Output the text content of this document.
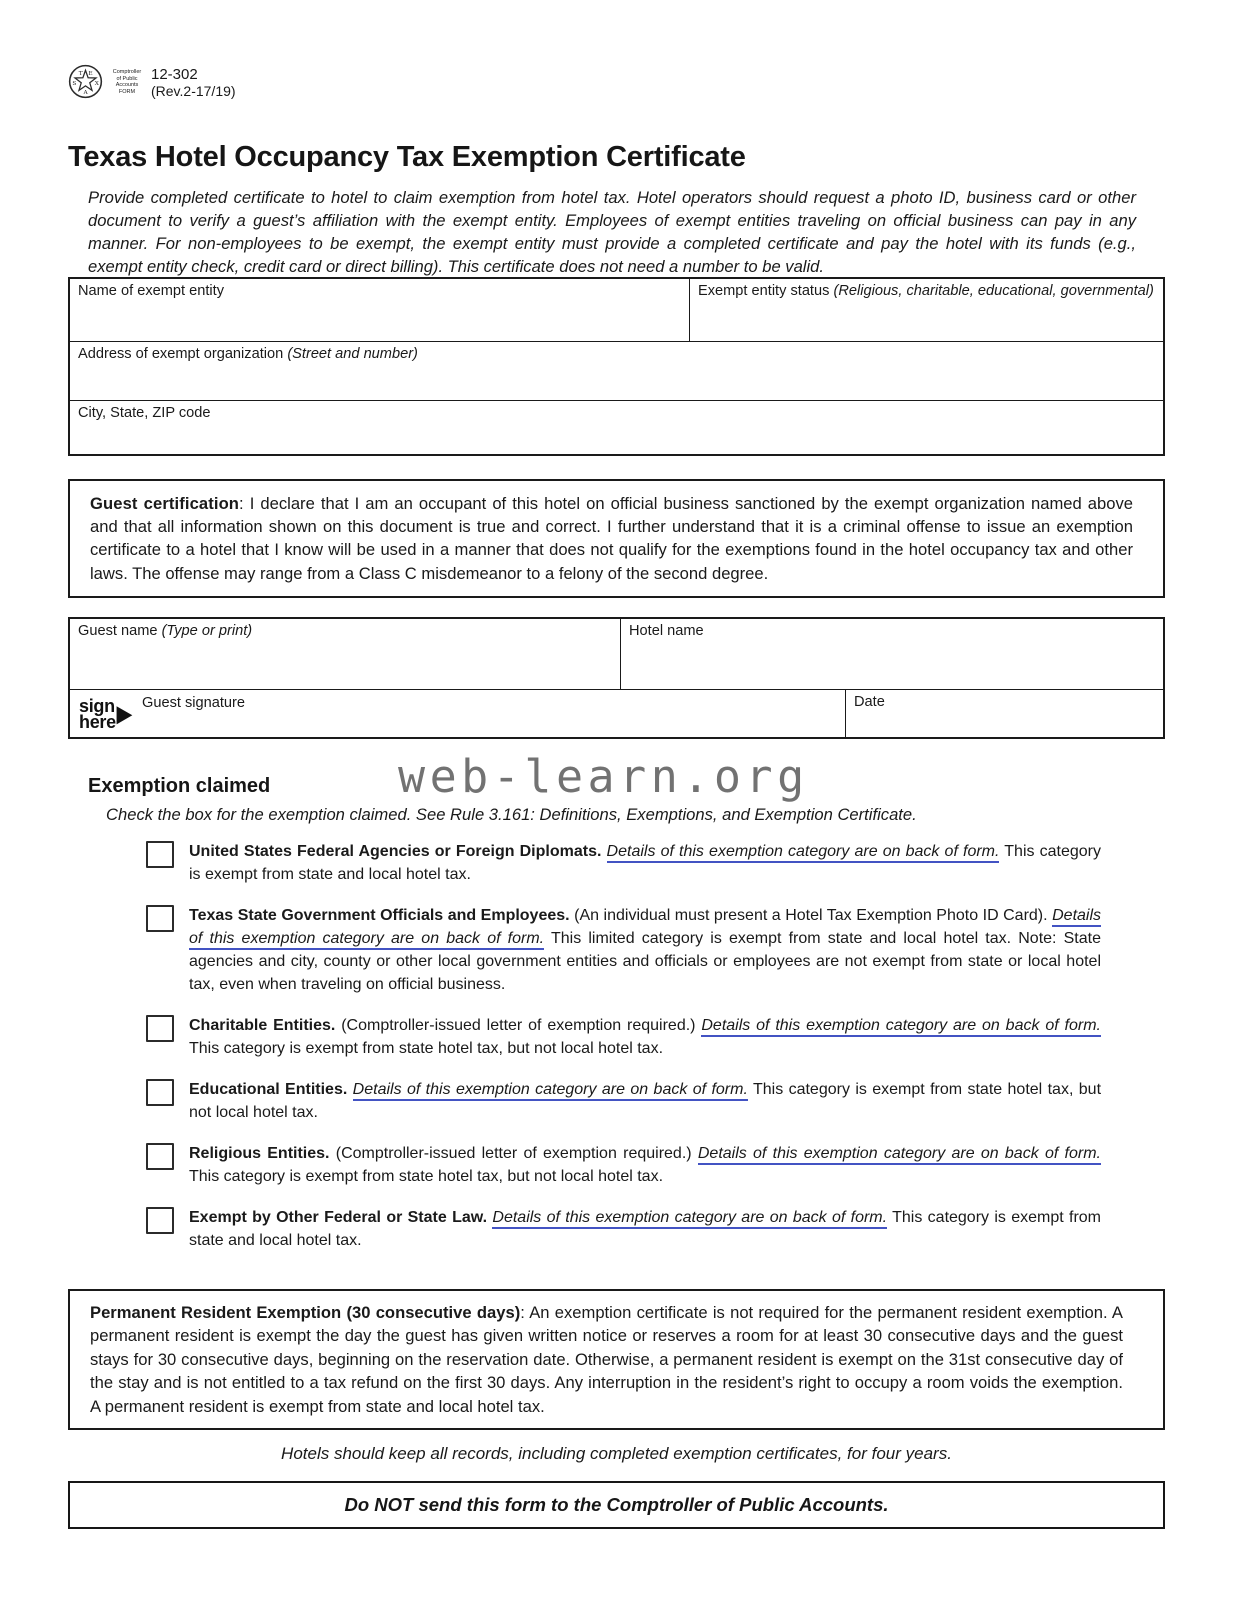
T E
X
A
S
Comptroller
of Public
Accounts
FORM
12-302
(Rev.2-17/19)
Texas Hotel Occupancy Tax Exemption Certificate

Provide completed certificate to hotel to claim exemption from hotel tax. Hotel operators should request a photo ID, business card or other document to verify a guest’s affiliation with the exempt entity. Employees of exempt entities traveling on official business can pay in any manner. For non-employees to be exempt, the exempt entity must provide a completed certificate and pay the hotel with its funds (e.g., exempt entity check, credit card or direct billing). This certificate does not need a number to be valid.

Name of exempt entity	Exempt entity status (Religious, charitable, educational, governmental)
Address of exempt organization (Street and number)
City, State, ZIP code
Guest certification: I declare that I am an occupant of this hotel on official business sanctioned by the exempt organization named above and that all information shown on this document is true and correct. I further understand that it is a criminal offense to issue an exemption certificate to a hotel that I know will be used in a manner that does not qualify for the exemptions found in the hotel occupancy tax and other laws. The offense may range from a Class C misdemeanor to a felony of the second degree.
Guest name (Type or print)	Hotel name
Guest signature	Date
sign
here ▶
Exemption claimed
Check the box for the exemption claimed. See Rule 3.161: Definitions, Exemptions, and Exemption Certificate.
United States Federal Agencies or Foreign Diplomats. Details of this exemption category are on back of form. This category is exempt from state and local hotel tax.
Texas State Government Officials and Employees. (An individual must present a Hotel Tax Exemption Photo ID Card). Details of this exemption category are on back of form. This limited category is exempt from state and local hotel tax. Note: State agencies and city, county or other local government entities and officials or employees are not exempt from state or local hotel tax, even when traveling on official business.
Charitable Entities. (Comptroller-issued letter of exemption required.) Details of this exemption category are on back of form. This category is exempt from state hotel tax, but not local hotel tax.
Educational Entities. Details of this exemption category are on back of form. This category is exempt from state hotel tax, but not local hotel tax.
Religious Entities. (Comptroller-issued letter of exemption required.) Details of this exemption category are on back of form. This category is exempt from state hotel tax, but not local hotel tax.
Exempt by Other Federal or State Law. Details of this exemption category are on back of form. This category is exempt from state and local hotel tax.
Permanent Resident Exemption (30 consecutive days): An exemption certificate is not required for the permanent resident exemption. A permanent resident is exempt the day the guest has given written notice or reserves a room for at least 30 consecutive days and the guest stays for 30 consecutive days, beginning on the reservation date. Otherwise, a permanent resident is exempt on the 31st consecutive day of the stay and is not entitled to a tax refund on the first 30 days. Any interruption in the resident’s right to occupy a room voids the exemption. A permanent resident is exempt from state and local hotel tax.
Hotels should keep all records, including completed exemption certificates, for four years.
Do NOT send this form to the Comptroller of Public Accounts.
web-learn.org
